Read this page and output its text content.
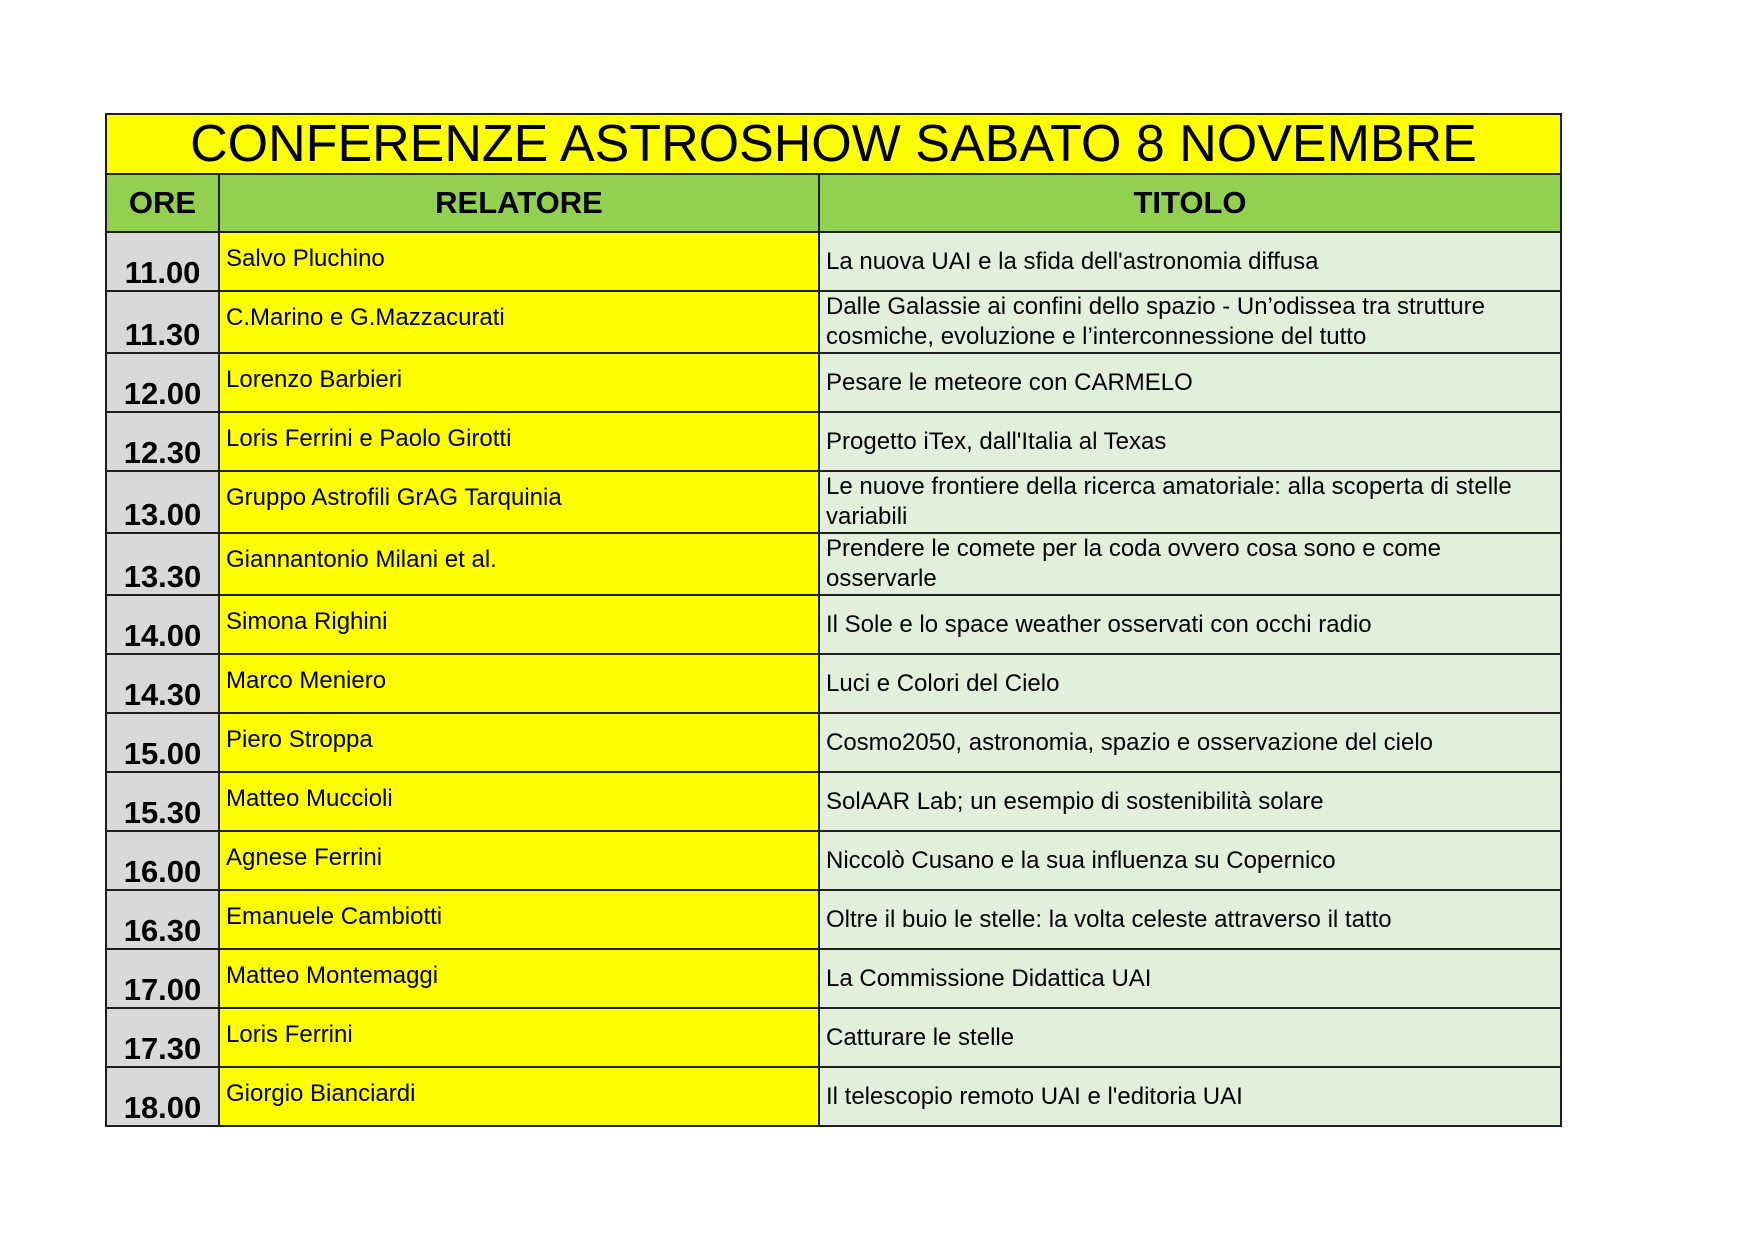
CONFERENZE ASTROSHOW SABATO 8 NOVEMBRE		
ORE	RELATORE	TITOLO
11.00	Salvo Pluchino	La nuova UAI e la sfida dell'astronomia diffusa
11.30	C.Marino e G.Mazzacurati	Dalle Galassie ai confini dello spazio - Un’odissea tra strutture cosmiche, evoluzione e l’interconnessione del tutto
12.00	Lorenzo Barbieri	Pesare le meteore con CARMELO
12.30	Loris Ferrini e Paolo Girotti	Progetto iTex, dall'Italia al Texas
13.00	Gruppo Astrofili GrAG Tarquinia	Le nuove frontiere della ricerca amatoriale: alla scoperta di stelle variabili
13.30	Giannantonio Milani et al.	Prendere le comete per la coda ovvero cosa sono e come osservarle
14.00	Simona Righini	Il Sole e lo space weather osservati con occhi radio
14.30	Marco Meniero	Luci e Colori del Cielo
15.00	Piero Stroppa	Cosmo2050, astronomia, spazio e osservazione del cielo
15.30	Matteo Muccioli	SolAAR Lab; un esempio di sostenibilità solare
16.00	Agnese Ferrini	Niccolò Cusano e la sua influenza su Copernico
16.30	Emanuele Cambiotti	Oltre il buio le stelle: la volta celeste attraverso il tatto
17.00	Matteo Montemaggi	La Commissione Didattica UAI
17.30	Loris Ferrini	Catturare le stelle
18.00	Giorgio Bianciardi	Il telescopio remoto UAI e l'editoria UAI
